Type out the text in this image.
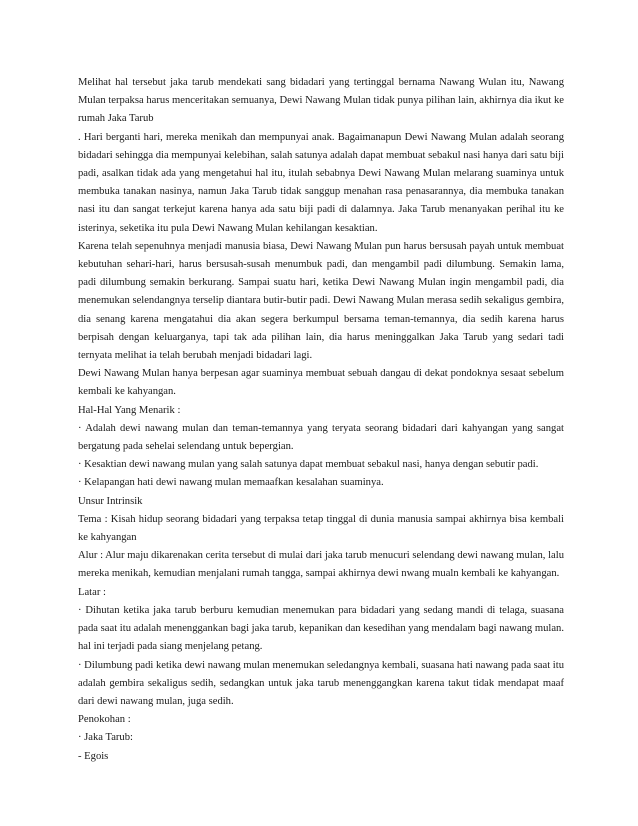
Melihat hal tersebut jaka tarub mendekati sang bidadari yang tertinggal bernama Nawang Wulan itu, Nawang Mulan terpaksa harus menceritakan semuanya, Dewi Nawang Mulan tidak punya pilihan lain, akhirnya dia ikut ke rumah Jaka Tarub

. Hari berganti hari, mereka menikah dan mempunyai anak. Bagaimanapun Dewi Nawang Mulan adalah seorang bidadari sehingga dia mempunyai kelebihan, salah satunya adalah dapat membuat sebakul nasi hanya dari satu biji padi, asalkan tidak ada yang mengetahui hal itu, itulah sebabnya Dewi Nawang Mulan melarang suaminya untuk membuka tanakan nasinya, namun Jaka Tarub tidak sanggup menahan rasa penasarannya, dia membuka tanakan nasi itu dan sangat terkejut karena hanya ada satu biji padi di dalamnya. Jaka Tarub menanyakan perihal itu ke isterinya, seketika itu pula Dewi Nawang Mulan kehilangan kesaktian.

Karena telah sepenuhnya menjadi manusia biasa, Dewi Nawang Mulan pun harus bersusah payah untuk membuat kebutuhan sehari-hari, harus bersusah-susah menumbuk padi, dan mengambil padi dilumbung. Semakin lama, padi dilumbung semakin berkurang. Sampai suatu hari, ketika Dewi Nawang Mulan ingin mengambil padi, dia menemukan selendangnya terselip diantara butir-butir padi. Dewi Nawang Mulan merasa sedih sekaligus gembira, dia senang karena mengatahui dia akan segera berkumpul bersama teman-temannya, dia sedih karena harus berpisah dengan keluarganya, tapi tak ada pilihan lain, dia harus meninggalkan Jaka Tarub yang sedari tadi ternyata melihat ia telah berubah menjadi bidadari lagi.

Dewi Nawang Mulan hanya berpesan agar suaminya membuat sebuah dangau di dekat pondoknya sesaat sebelum kembali ke kahyangan.

Hal-Hal Yang Menarik :

· Adalah dewi nawang mulan dan teman-temannya yang teryata seorang bidadari dari kahyangan yang sangat bergatung pada sehelai selendang untuk bepergian.

· Kesaktian dewi nawang mulan yang salah satunya dapat membuat sebakul nasi, hanya dengan sebutir padi.

· Kelapangan hati dewi nawang mulan memaafkan kesalahan suaminya.

Unsur Intrinsik

Tema : Kisah hidup seorang bidadari yang terpaksa tetap tinggal di dunia manusia sampai akhirnya bisa kembali ke kahyangan

Alur : Alur maju dikarenakan cerita tersebut di mulai dari jaka tarub menucuri selendang dewi nawang mulan, lalu mereka menikah, kemudian menjalani rumah tangga, sampai akhirnya dewi nwang mualn kembali ke kahyangan.

Latar :

· Dihutan ketika jaka tarub berburu kemudian menemukan para bidadari yang sedang mandi di telaga, suasana pada saat itu adalah menenggankan bagi jaka tarub, kepanikan dan kesedihan yang mendalam bagi nawang mulan. hal ini terjadi pada siang menjelang petang.

· Dilumbung padi ketika dewi nawang mulan menemukan seledangnya kembali, suasana hati nawang pada saat itu adalah gembira sekaligus sedih, sedangkan untuk jaka tarub menenggangkan karena takut tidak mendapat maaf dari dewi nawang mulan, juga sedih.

Penokohan :

· Jaka Tarub:

- Egois
